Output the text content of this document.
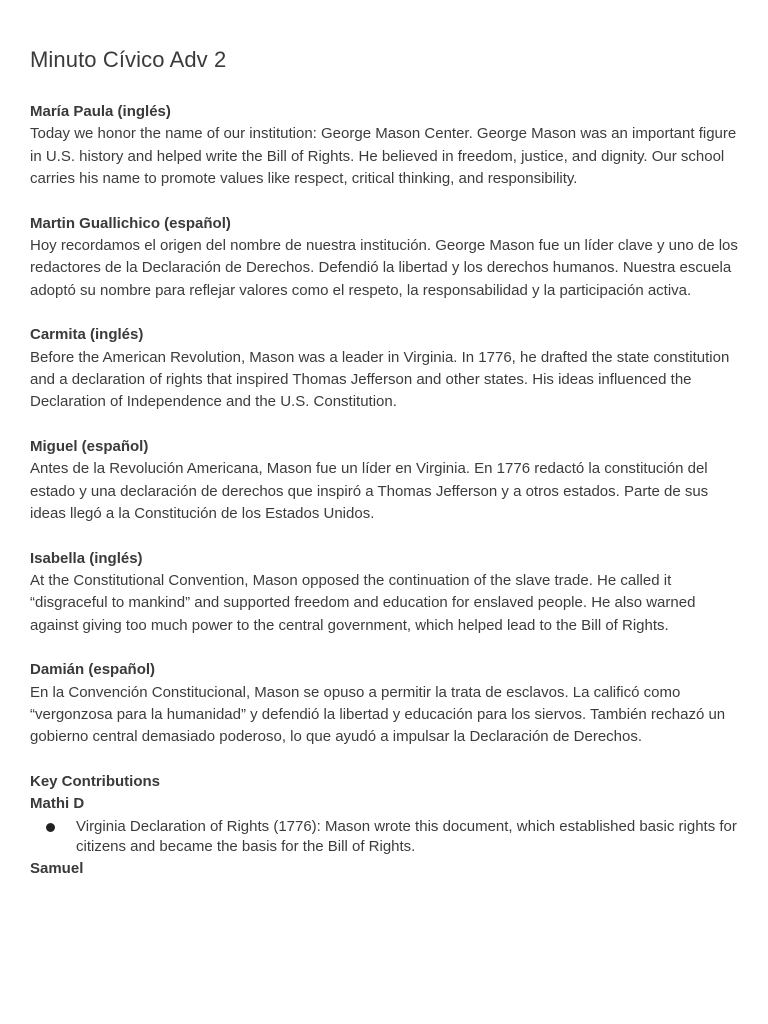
Minuto Cívico Adv 2

María Paula (inglés)

Today we honor the name of our institution: George Mason Center. George Mason was an important figure in U.S. history and helped write the Bill of Rights. He believed in freedom, justice, and dignity. Our school carries his name to promote values like respect, critical thinking, and responsibility.

Martin Guallichico (español)

Hoy recordamos el origen del nombre de nuestra institución. George Mason fue un líder clave y uno de los redactores de la Declaración de Derechos. Defendió la libertad y los derechos humanos. Nuestra escuela adoptó su nombre para reflejar valores como el respeto, la responsabilidad y la participación activa.

Carmita (inglés)

Before the American Revolution, Mason was a leader in Virginia. In 1776, he drafted the state constitution and a declaration of rights that inspired Thomas Jefferson and other states. His ideas influenced the Declaration of Independence and the U.S. Constitution.

Miguel (español)

Antes de la Revolución Americana, Mason fue un líder en Virginia. En 1776 redactó la constitución del estado y una declaración de derechos que inspiró a Thomas Jefferson y a otros estados. Parte de sus ideas llegó a la Constitución de los Estados Unidos.

Isabella (inglés)

At the Constitutional Convention, Mason opposed the continuation of the slave trade. He called it “disgraceful to mankind” and supported freedom and education for enslaved people. He also warned against giving too much power to the central government, which helped lead to the Bill of Rights.

Damián (español)

En la Convención Constitucional, Mason se opuso a permitir la trata de esclavos. La calificó como “vergonzosa para la humanidad” y defendió la libertad y educación para los siervos. También rechazó un gobierno central demasiado poderoso, lo que ayudó a impulsar la Declaración de Derechos.

Key Contributions

Mathi D

Virginia Declaration of Rights (1776): Mason wrote this document, which established basic rights for citizens and became the basis for the Bill of Rights.

Samuel
